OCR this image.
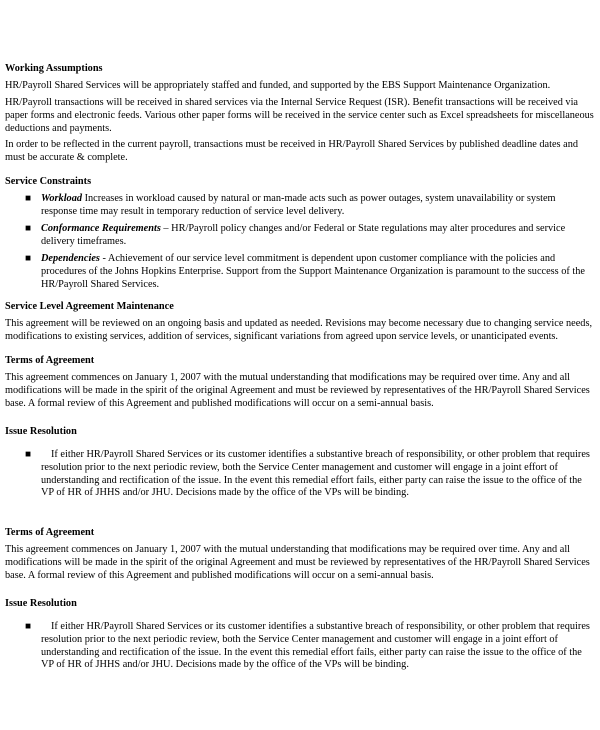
Working Assumptions

HR/Payroll Shared Services will be appropriately staffed and funded, and supported by the EBS Support Maintenance Organization.

HR/Payroll transactions will be received in shared services via the Internal Service Request (ISR). Benefit transactions will be received via paper forms and electronic feeds. Various other paper forms will be received in the service center such as Excel spreadsheets for miscellaneous deductions and payments.

In order to be reflected in the current payroll, transactions must be received in HR/Payroll Shared Services by published deadline dates and must be accurate & complete.

Service Constraints
■ Workload Increases in workload caused by natural or man-made acts such as power outages, system unavailability or system response time may result in temporary reduction of service level delivery.

■ Conformance Requirements – HR/Payroll policy changes and/or Federal or State regulations may alter procedures and service delivery timeframes.

■ Dependencies - Achievement of our service level commitment is dependent upon customer compliance with the policies and procedures of the Johns Hopkins Enterprise. Support from the Support Maintenance Organization is paramount to the success of the HR/Payroll Shared Services.

Service Level Agreement Maintenance

This agreement will be reviewed on an ongoing basis and updated as needed. Revisions may become necessary due to changing service needs, modifications to existing services, addition of services, significant variations from agreed upon service levels, or unanticipated events.

Terms of Agreement

This agreement commences on January 1, 2007 with the mutual understanding that modifications may be required over time. Any and all modifications will be made in the spirit of the original Agreement and must be reviewed by representatives of the HR/Payroll Shared Services base. A formal review of this Agreement and published modifications will occur on a semi-annual basis.

Issue Resolution
■	If either HR/Payroll Shared Services or its customer identifies a substantive breach of responsibility, or other problem that requires resolution prior to the next periodic review, both the Service Center management and customer will engage in a joint effort of understanding and rectification of the issue. In the event this remedial effort fails, either party can raise the issue to the office of the VP of HR of JHHS and/or JHU. Decisions made by the office of the VPs will be binding.

Terms of Agreement

This agreement commences on January 1, 2007 with the mutual understanding that modifications may be required over time. Any and all modifications will be made in the spirit of the original Agreement and must be reviewed by representatives of the HR/Payroll Shared Services base. A formal review of this Agreement and published modifications will occur on a semi-annual basis.

Issue Resolution
■	If either HR/Payroll Shared Services or its customer identifies a substantive breach of responsibility, or other problem that requires resolution prior to the next periodic review, both the Service Center management and customer will engage in a joint effort of understanding and rectification of the issue. In the event this remedial effort fails, either party can raise the issue to the office of the VP of HR of JHHS and/or JHU. Decisions made by the office of the VPs will be binding.
